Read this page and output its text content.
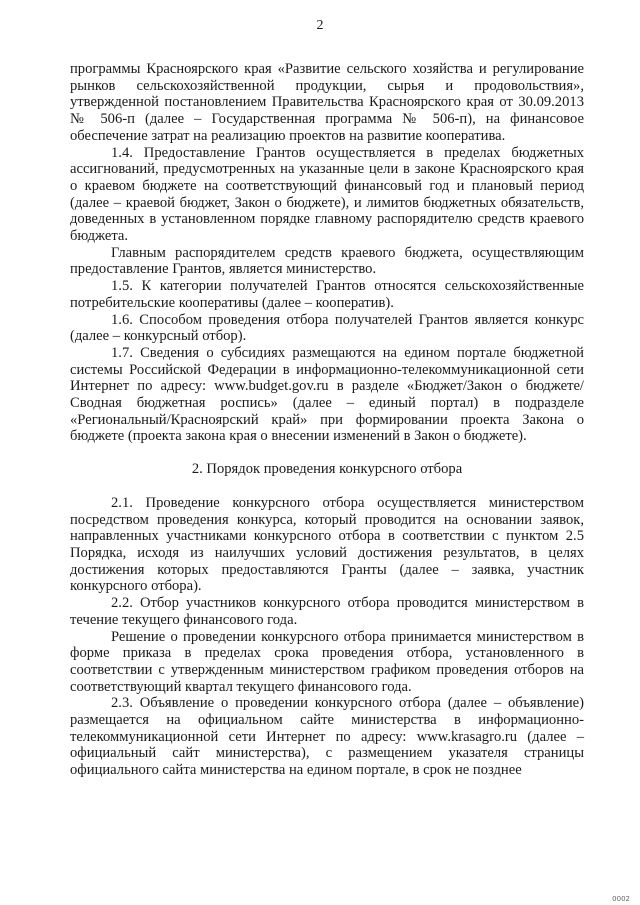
2

программы Красноярского края «Развитие сельского хозяйства и регулирование рынков сельскохозяйственной продукции, сырья и продовольствия», утвержденной постановлением Правительства Красноярского края от 30.09.2013 № 506-п (далее – Государственная программа № 506-п), на финансовое обеспечение затрат на реализацию проектов на развитие кооператива.

1.4. Предоставление Грантов осуществляется в пределах бюджетных ассигнований, предусмотренных на указанные цели в законе Красноярского края о краевом бюджете на соответствующий финансовый год и плановый период (далее – краевой бюджет, Закон о бюджете), и лимитов бюджетных обязательств, доведенных в установленном порядке главному распорядителю средств краевого бюджета.

Главным распорядителем средств краевого бюджета, осуществляющим предоставление Грантов, является министерство.

1.5. К категории получателей Грантов относятся сельскохозяйственные потребительские кооперативы (далее – кооператив).

1.6. Способом проведения отбора получателей Грантов является конкурс (далее – конкурсный отбор).

1.7. Сведения о субсидиях размещаются на едином портале бюджетной системы Российской Федерации в информационно-телекоммуникационной сети Интернет по адресу: www.budget.gov.ru в разделе «Бюджет/Закон о бюджете/Сводная бюджетная роспись» (далее – единый портал) в подразделе «Региональный/Красноярский край» при формировании проекта Закона о бюджете (проекта закона края о внесении изменений в Закон о бюджете).

2. Порядок проведения конкурсного отбора

2.1. Проведение конкурсного отбора осуществляется министерством посредством проведения конкурса, который проводится на основании заявок, направленных участниками конкурсного отбора в соответствии с пунктом 2.5 Порядка, исходя из наилучших условий достижения результатов, в целях достижения которых предоставляются Гранты (далее – заявка, участник конкурсного отбора).

2.2. Отбор участников конкурсного отбора проводится министерством в течение текущего финансового года.

Решение о проведении конкурсного отбора принимается министерством в форме приказа в пределах срока проведения отбора, установленного в соответствии с утвержденным министерством графиком проведения отборов на соответствующий квартал текущего финансового года.

2.3. Объявление о проведении конкурсного отбора (далее – объявление) размещается на официальном сайте министерства в информационно-телекоммуникационной сети Интернет по адресу: www.krasagro.ru (далее – официальный сайт министерства), с размещением указателя страницы официального сайта министерства на едином портале, в срок не позднее

0002
